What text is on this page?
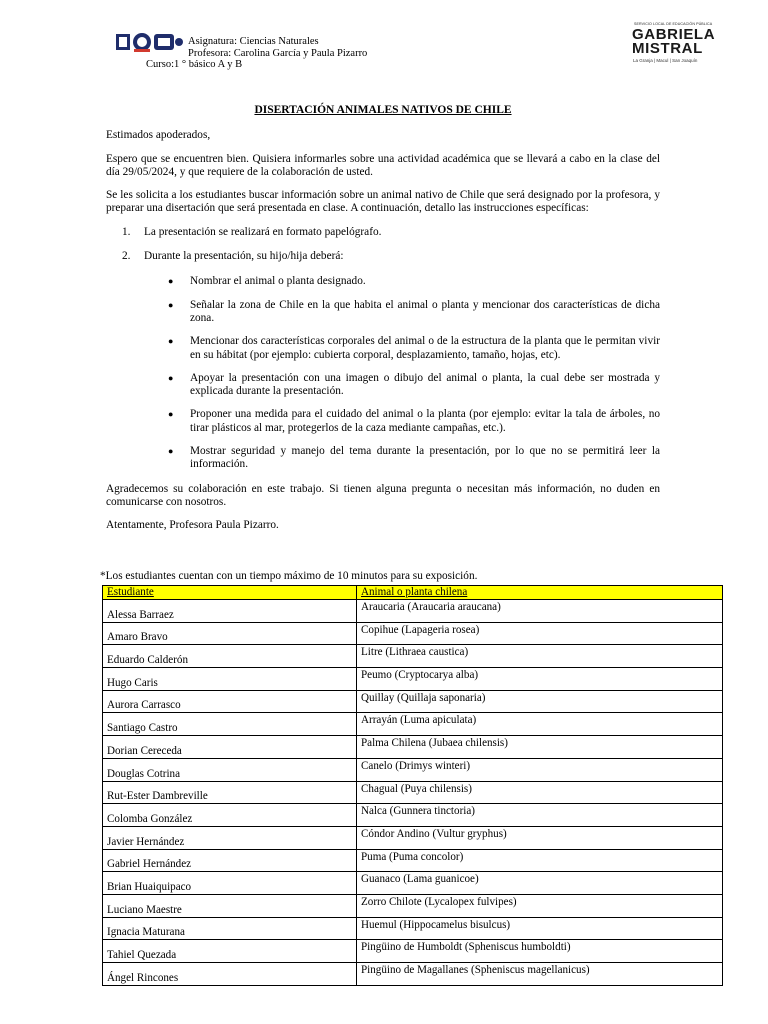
Asignatura: Ciencias Naturales
Profesora: Carolina García y Paula Pizarro
Curso:1 ° básico A y B
SERVICIO LOCAL DE EDUCACIÓN PÚBLICA
GABRIELA
MISTRAL
La Granja | Macul | San Joaquín
DISERTACIÓN ANIMALES NATIVOS DE CHILE

Estimados apoderados,

Espero que se encuentren bien. Quisiera informarles sobre una actividad académica que se llevará a cabo en la clase del día 29/05/2024, y que requiere de la colaboración de usted.

Se les solicita a los estudiantes buscar información sobre un animal nativo de Chile que será designado por la profesora, y preparar una disertación que será presentada en clase. A continuación, detallo las instrucciones específicas:

1. La presentación se realizará en formato papelógrafo.
2. Durante la presentación, su hijo/hija deberá:
● Nombrar el animal o planta designado.
● Señalar la zona de Chile en la que habita el animal o planta y mencionar dos características de dicha zona.
● Mencionar dos características corporales del animal o de la estructura de la planta que le permitan vivir en su hábitat (por ejemplo: cubierta corporal, desplazamiento, tamaño, hojas, etc).
● Apoyar la presentación con una imagen o dibujo del animal o planta, la cual debe ser mostrada y explicada durante la presentación.
● Proponer una medida para el cuidado del animal o la planta (por ejemplo: evitar la tala de árboles, no tirar plásticos al mar, protegerlos de la caza mediante campañas, etc.).
● Mostrar seguridad y manejo del tema durante la presentación, por lo que no se permitirá leer la información.

Agradecemos su colaboración en este trabajo. Si tienen alguna pregunta o necesitan más información, no duden en comunicarse con nosotros.

Atentamente, Profesora Paula Pizarro.

*Los estudiantes cuentan con un tiempo máximo de 10 minutos para su exposición.
Estudiante	Animal o planta chilena
Alessa Barraez	Araucaria (Araucaria araucana)
Amaro Bravo	Copihue (Lapageria rosea)
Eduardo Calderón	Litre (Lithraea caustica)
Hugo Caris	Peumo (Cryptocarya alba)
Aurora Carrasco	Quillay (Quillaja saponaria)
Santiago Castro	Arrayán (Luma apiculata)
Dorian Cereceda	Palma Chilena (Jubaea chilensis)
Douglas Cotrina	Canelo (Drimys winteri)
Rut-Ester Dambreville	Chagual (Puya chilensis)
Colomba González	Nalca (Gunnera tinctoria)
Javier Hernández	Cóndor Andino (Vultur gryphus)
Gabriel Hernández	Puma (Puma concolor)
Brian Huaiquipaco	Guanaco (Lama guanicoe)
Luciano Maestre	Zorro Chilote (Lycalopex fulvipes)
Ignacia Maturana	Huemul (Hippocamelus bisulcus)
Tahiel Quezada	Pingüino de Humboldt (Spheniscus humboldti)
Ángel Rincones	Pingüino de Magallanes (Spheniscus magellanicus)
